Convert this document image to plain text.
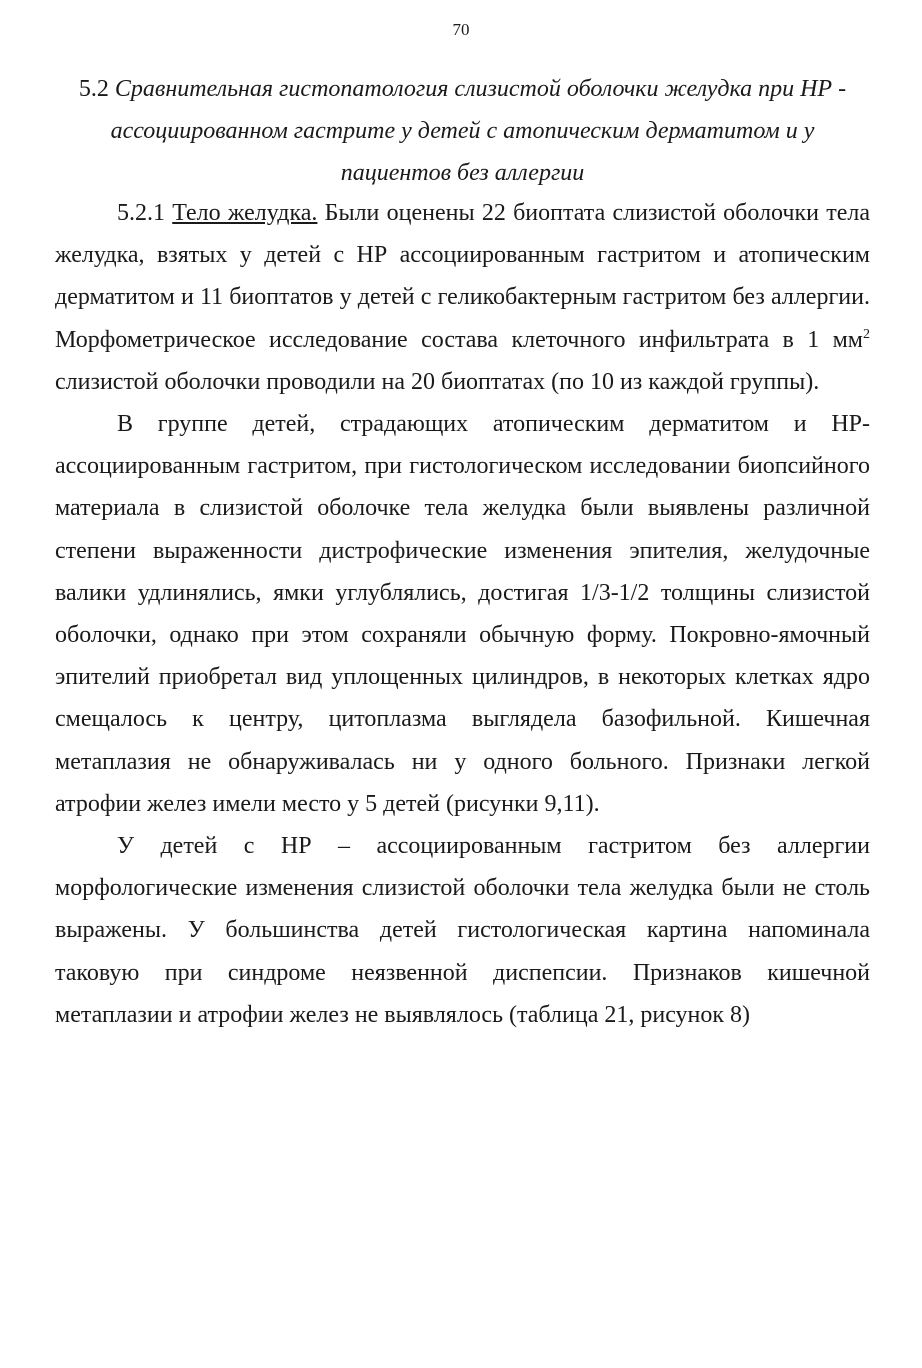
70
5.2 Сравнительная гистопатология слизистой оболочки желудка при НР - ассоциированном гастрите у детей с атопическим дерматитом и у пациентов без аллергии

5.2.1 Тело желудка. Были оценены 22 биоптата слизистой оболочки тела желудка, взятых у детей с НР ассоциированным гастритом и атопическим дерматитом и 11 биоптатов у детей с геликобактерным гастритом без аллергии. Морфометрическое исследование состава клеточного инфильтрата в 1 $мм^2$ слизистой оболочки проводили на 20 биоптатах (по 10 из каждой группы).

В группе детей, страдающих атопическим дерматитом и НР-ассоциированным гастритом, при гистологическом исследовании биопсийного материала в слизистой оболочке тела желудка были выявлены различной степени выраженности дистрофические изменения эпителия, желудочные валики удлинялись, ямки углублялись, достигая 1/3-1/2 толщины слизистой оболочки, однако при этом сохраняли обычную форму. Покровно-ямочный эпителий приобретал вид уплощенных цилиндров, в некоторых клетках ядро смещалось к центру, цитоплазма выглядела базофильной. Кишечная метаплазия не обнаруживалась ни у одного больного. Признаки легкой атрофии желез имели место у 5 детей (рисунки 9,11).

У детей с НР – ассоциированным гастритом без аллергии морфологические изменения слизистой оболочки тела желудка были не столь выражены. У большинства детей гистологическая картина напоминала таковую при синдроме неязвенной диспепсии. Признаков кишечной метаплазии и атрофии желез не выявлялось (таблица 21, рисунок 8)
